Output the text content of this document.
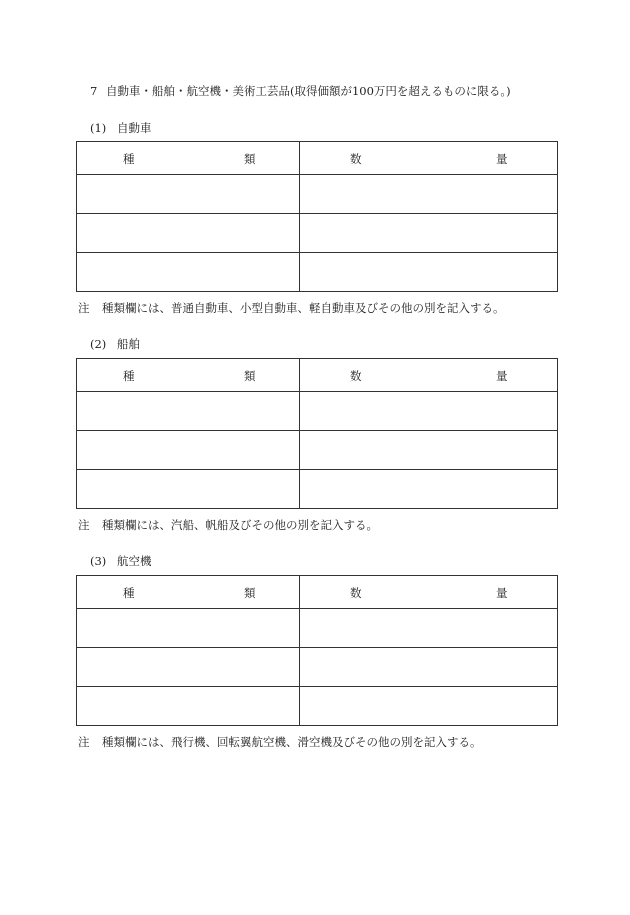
7 自動車・船舶・航空機・美術工芸品(取得価額が100万円を超えるものに限る。)
(1) 自動車
種 類	数 量

注 種類欄には、普通自動車、小型自動車、軽自動車及びその他の別を記入する。
(2) 船舶
種 類	数 量

注 種類欄には、汽船、帆船及びその他の別を記入する。
(3) 航空機
種 類	数 量

注 種類欄には、飛行機、回転翼航空機、滑空機及びその他の別を記入する。
